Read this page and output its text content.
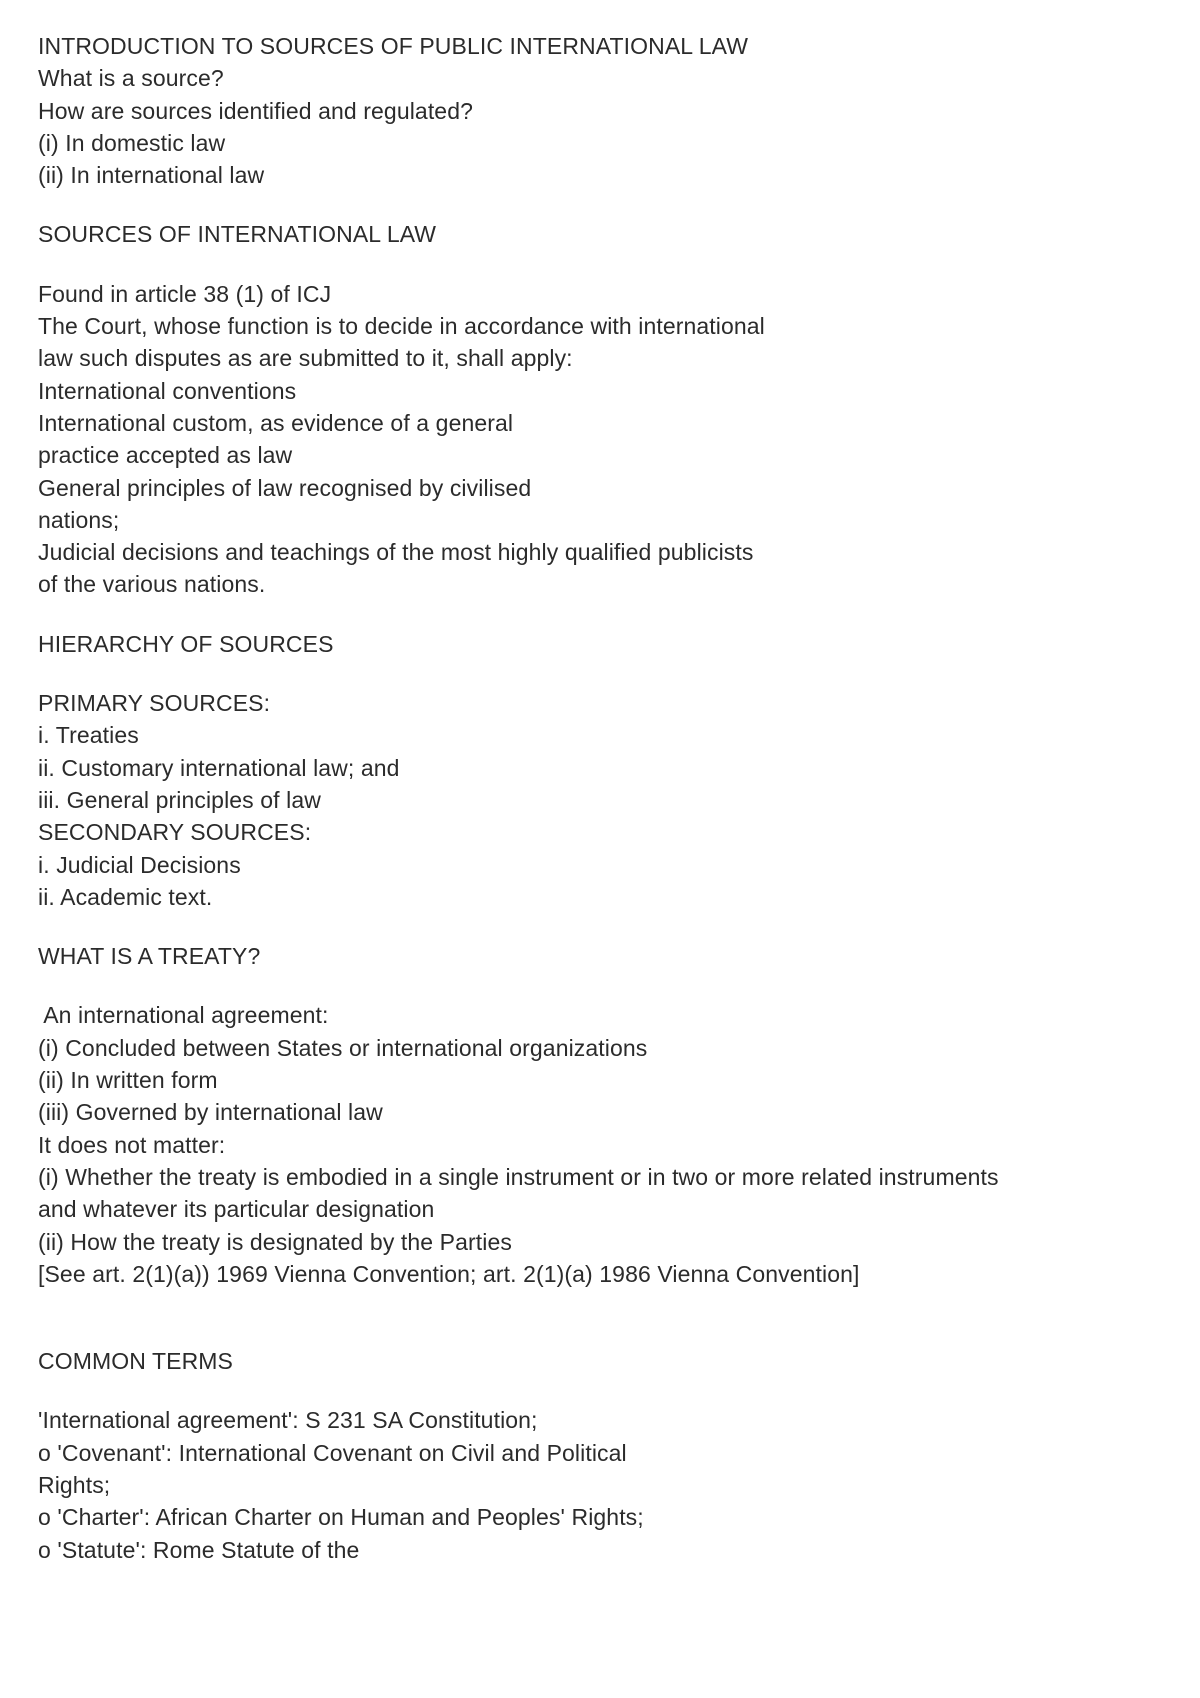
INTRODUCTION TO SOURCES OF PUBLIC INTERNATIONAL LAW

What is a source?

How are sources identified and regulated?

(i) In domestic law

(ii) In international law

SOURCES OF INTERNATIONAL LAW

Found in article 38 (1) of ICJ

The Court, whose function is to decide in accordance with international

law such disputes as are submitted to it, shall apply:

International conventions

International custom, as evidence of a general

practice accepted as law

General principles of law recognised by civilised

nations;

Judicial decisions and teachings of the most highly qualified publicists

of the various nations.

HIERARCHY OF SOURCES

PRIMARY SOURCES:

i. Treaties

ii. Customary international law; and

iii. General principles of law

SECONDARY SOURCES:

i. Judicial Decisions

ii. Academic text.

WHAT IS A TREATY?

An international agreement:

(i) Concluded between States or international organizations

(ii) In written form

(iii) Governed by international law

It does not matter:

(i) Whether the treaty is embodied in a single instrument or in two or more related instruments

and whatever its particular designation

(ii) How the treaty is designated by the Parties

[See art. 2(1)(a)) 1969 Vienna Convention; art. 2(1)(a) 1986 Vienna Convention]

COMMON TERMS

'International agreement': S 231 SA Constitution;

o 'Covenant': International Covenant on Civil and Political

Rights;

o 'Charter': African Charter on Human and Peoples' Rights;

o 'Statute': Rome Statute of the
